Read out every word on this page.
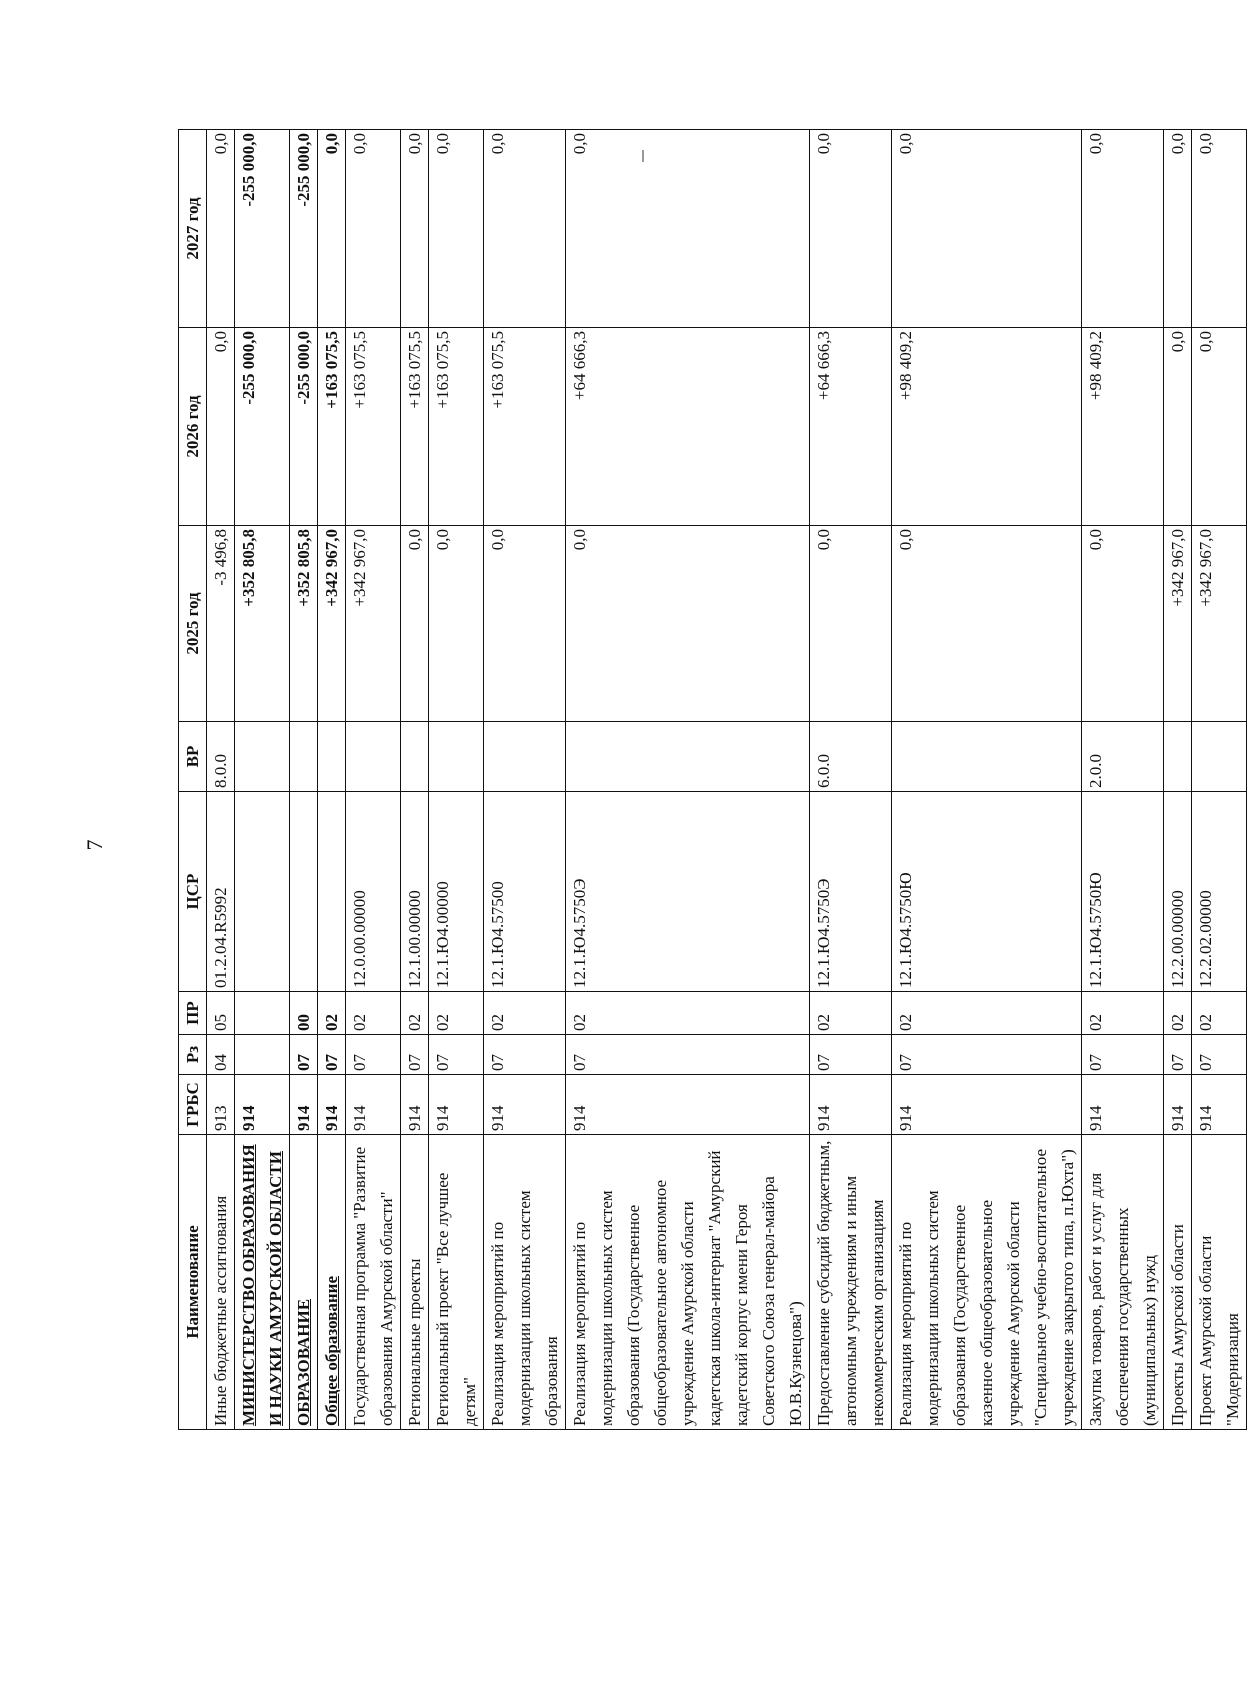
7
Наименование	ГРБС	Рз	ПР	ЦСР	ВР	2025 год	2026 год	2027 год
Иные бюджетные ассигнования	913	04	05	01.2.04.R5992	8.0.0	-3 496,8	0,0	0,0
МИНИСТЕРСТВО ОБРАЗОВАНИЯ И НАУКИ АМУРСКОЙ ОБЛАСТИ	914					+352 805,8	-255 000,0	-255 000,0
ОБРАЗОВАНИЕ	914	07	00			+352 805,8	-255 000,0	-255 000,0
Общее образование	914	07	02			+342 967,0	+163 075,5	0,0
Государственная программа "Развитие образования Амурской области"	914	07	02	12.0.00.00000		+342 967,0	+163 075,5	0,0
Региональные проекты	914	07	02	12.1.00.00000		0,0	+163 075,5	0,0
Региональный проект "Все лучшее детям"	914	07	02	12.1.Ю4.00000		0,0	+163 075,5	0,0
Реализация мероприятий по модернизации школьных систем образования	914	07	02	12.1.Ю4.57500		0,0	+163 075,5	0,0
Реализация мероприятий по модернизации школьных систем образования (Государственное общеобразовательное автономное учреждение Амурской области кадетская школа-интернат "Амурский кадетский корпус имени Героя Советского Союза генерал-майора Ю.В.Кузнецова")	914	07	02	12.1.Ю4.5750Э		0,0	+64 666,3	0,0
Предоставление субсидий бюджетным, автономным учреждениям и иным некоммерческим организациям	914	07	02	12.1.Ю4.5750Э	6.0.0	0,0	+64 666,3	0,0
Реализация мероприятий по модернизации школьных систем образования (Государственное казенное общеобразовательное учреждение Амурской области "Специальное учебно-воспитательное учреждение закрытого типа, п.Юхта")	914	07	02	12.1.Ю4.5750Ю		0,0	+98 409,2	0,0
Закупка товаров, работ и услуг для обеспечения государственных (муниципальных) нужд	914	07	02	12.1.Ю4.5750Ю	2.0.0	0,0	+98 409,2	0,0
Проекты Амурской области	914	07	02	12.2.00.00000		+342 967,0	0,0	0,0
Проект Амурской области "Модернизация	914	07	02	12.2.02.00000		+342 967,0	0,0	0,0
